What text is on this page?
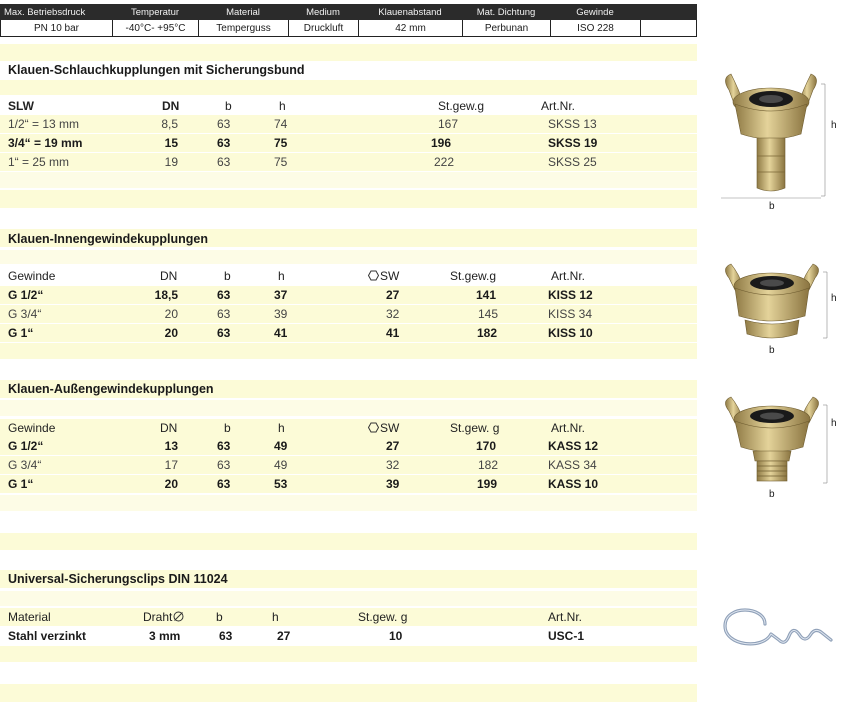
Max. Betriebsdruck	Temperatur	Material	Medium	Klauenabstand	Mat. Dichtung	Gewinde
PN 10 bar	-40°C- +95°C	Temperguss	Druckluft	42 mm	Perbunan	ISO 228
Klauen-Schlauchkupplungen mit Sicherungsbund
SLW	DN	b	h	St.gew.g	Art.Nr.
1/2“ = 13 mm	8,5	63	74	167	SKSS 13
3/4“ = 19 mm	15	63	75	196	SKSS 19
1“ = 25 mm	19	63	75	222	SKSS 25
Klauen-Innengewindekupplungen
Gewinde	DN	b	h	SW	St.gew.g	Art.Nr.
G 1/2“	18,5	63	37	27	141	KISS 12
G 3/4“	20	63	39	32	145	KISS 34
G 1“	20	63	41	41	182	KISS 10
Klauen-Außengewindekupplungen
Gewinde	DN	b	h	SW	St.gew. g	Art.Nr.
G 1/2“	13	63	49	27	170	KASS 12
G 3/4“	17	63	49	32	182	KASS 34
G 1“	20	63	53	39	199	KASS 10
Universal-Sicherungsclips DIN 11024
Material	Draht	b	h	St.gew. g	Art.Nr.
Stahl verzinkt	3 mm	63	27	10	USC-1
h
b
h
b
h
b
